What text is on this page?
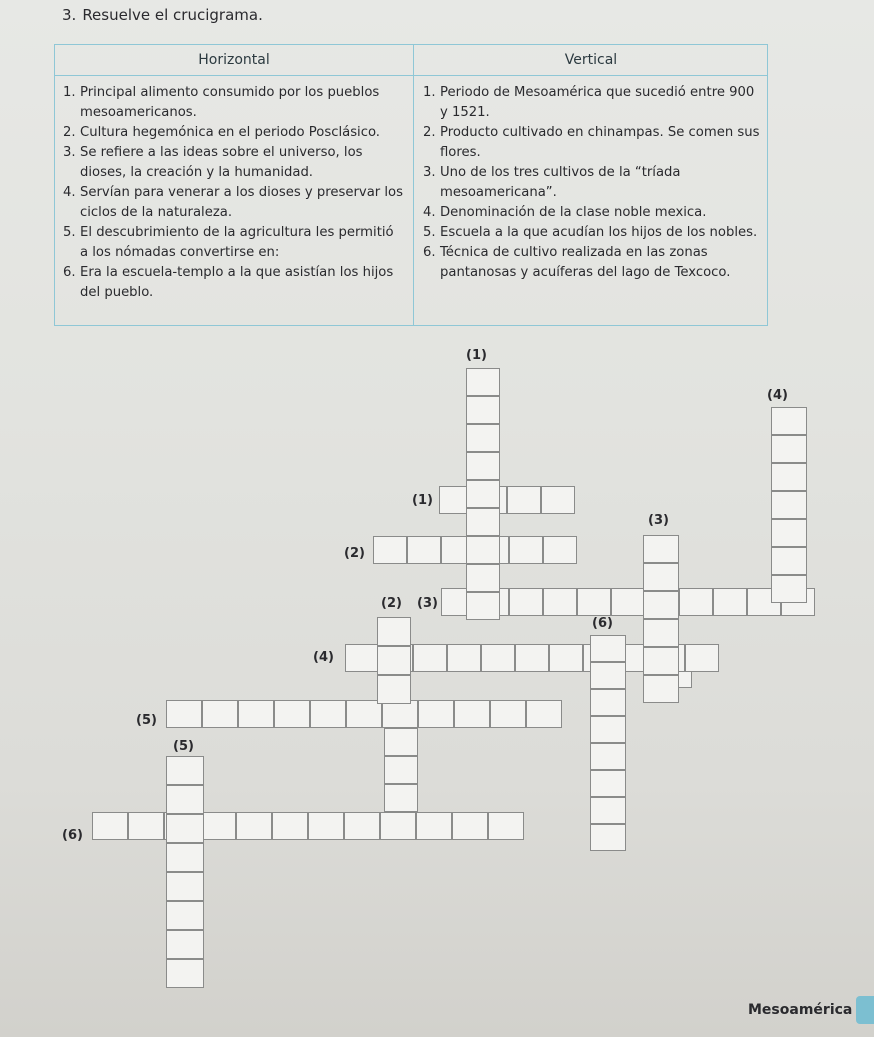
3. Resuelve el crucigrama.
Horizontal	Vertical
1. Principal alimento consumido por los pueblos mesoamericanos.
2. Cultura hegemónica en el periodo Posclásico.
3. Se refiere a las ideas sobre el universo, los dioses, la creación y la humanidad.
4. Servían para venerar a los dioses y preservar los ciclos de la naturaleza.
5. El descubrimiento de la agricultura les permitió a los nómadas convertirse en:
6. Era la escuela-templo a la que asistían los hijos del pueblo.
1. Periodo de Mesoamérica que sucedió entre 900 y 1521.
2. Producto cultivado en chinampas. Se comen sus flores.
3. Uno de los tres cultivos de la “tríada mesoamericana”.
4. Denominación de la clase noble mexica.
5. Escuela a la que acudían los hijos de los nobles.
6. Técnica de cultivo realizada en las zonas pantanosas y acuíferas del lago de Texcoco.
(1)
(4)
(1)
(3)
(2)
(2) (3)
(6)
(4)
(5)
(5)
(6)
Mesoamérica
